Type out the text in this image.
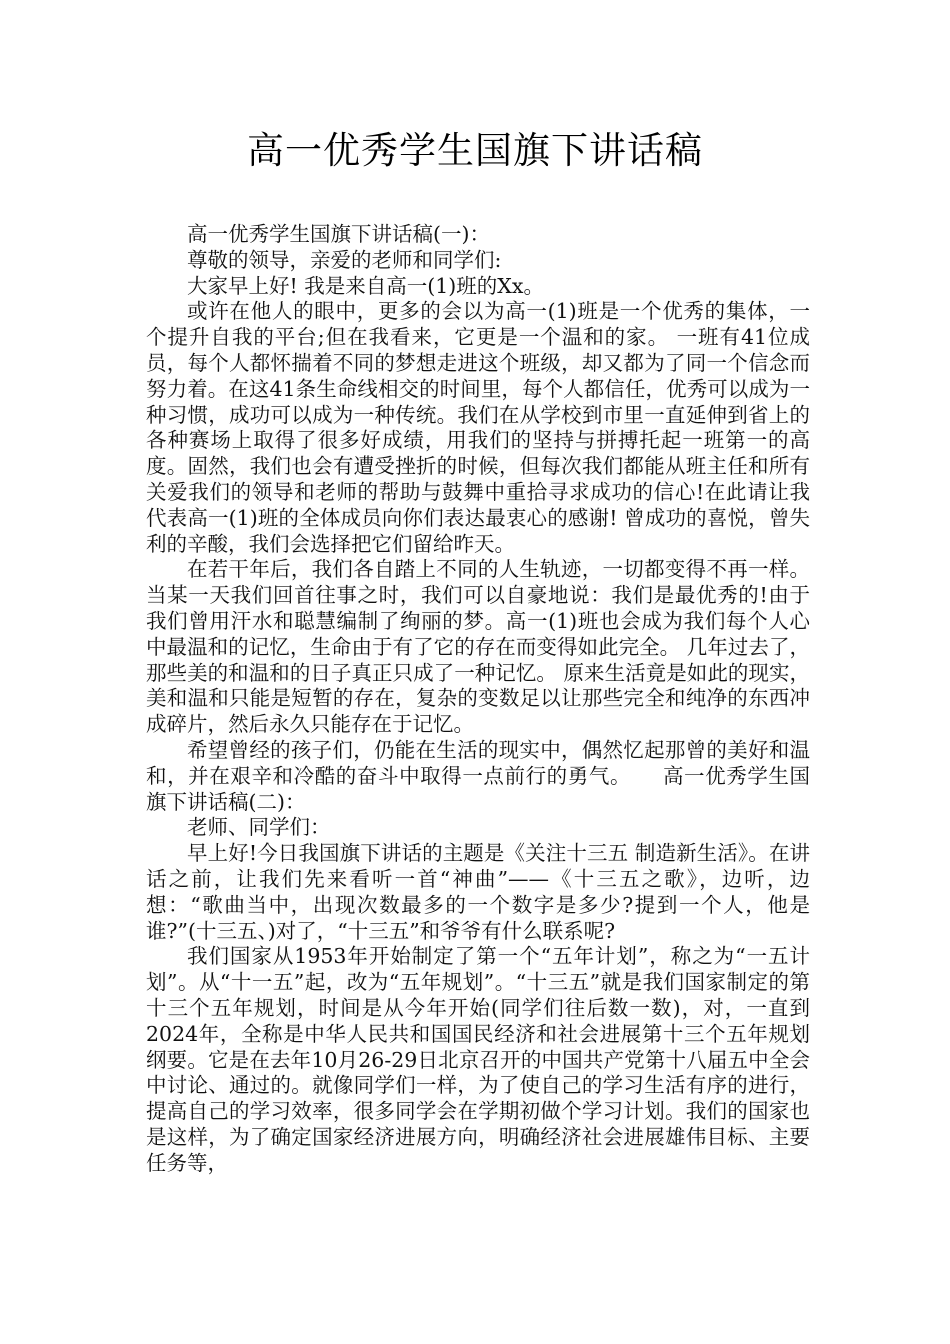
高一优秀学生国旗下讲话稿

高一优秀学生国旗下讲话稿(一)：

尊敬的领导，亲爱的老师和同学们:

大家早上好! 我是来自高一(1)班的Xx。

或许在他人的眼中，更多的会以为高一(1)班是一个优秀的集体，一个提升自我的平台;但在我看来，它更是一个温和的家。 一班有41位成员，每个人都怀揣着不同的梦想走进这个班级，却又都为了同一个信念而努力着。在这41条生命线相交的时间里，每个人都信任，优秀可以成为一种习惯，成功可以成为一种传统。我们在从学校到市里一直延伸到省上的各种赛场上取得了很多好成绩，用我们的坚持与拼搏托起一班第一的高度。固然，我们也会有遭受挫折的时候，但每次我们都能从班主任和所有关爱我们的领导和老师的帮助与鼓舞中重拾寻求成功的信心!在此请让我代表高一(1)班的全体成员向你们表达最衷心的感谢! 曾成功的喜悦，曾失利的辛酸，我们会选择把它们留给昨天。

在若干年后，我们各自踏上不同的人生轨迹，一切都变得不再一样。当某一天我们回首往事之时，我们可以自豪地说：我们是最优秀的!由于我们曾用汗水和聪慧编制了绚丽的梦。高一(1)班也会成为我们每个人心中最温和的记忆，生命由于有了它的存在而变得如此完全。 几年过去了，那些美的和温和的日子真正只成了一种记忆。 原来生活竟是如此的现实，美和温和只能是短暂的存在，复杂的变数足以让那些完全和纯净的东西冲成碎片，然后永久只能存在于记忆。

希望曾经的孩子们，仍能在生活的现实中，偶然忆起那曾的美好和温和，并在艰辛和冷酷的奋斗中取得一点前行的勇气。　　高一优秀学生国旗下讲话稿(二)：

老师、同学们：

早上好!今日我国旗下讲话的主题是《关注十三五 制造新生活》。在讲话之前，让我们先来看听一首“神曲”——《十三五之歌》，边听，边想：“歌曲当中，出现次数最多的一个数字是多少?提到一个人，他是谁?”(十三五、)对了，“十三五”和爷爷有什么联系呢?

我们国家从1953年开始制定了第一个“五年计划”，称之为“一五计划”。从“十一五”起，改为“五年规划”。“十三五”就是我们国家制定的第十三个五年规划，时间是从今年开始(同学们往后数一数)，对，一直到2024年，全称是中华人民共和国国民经济和社会进展第十三个五年规划纲要。它是在去年10月26-29日北京召开的中国共产党第十八届五中全会中讨论、通过的。就像同学们一样，为了使自己的学习生活有序的进行，提高自己的学习效率，很多同学会在学期初做个学习计划。我们的国家也是这样，为了确定国家经济进展方向，明确经济社会进展雄伟目标、主要任务等，
